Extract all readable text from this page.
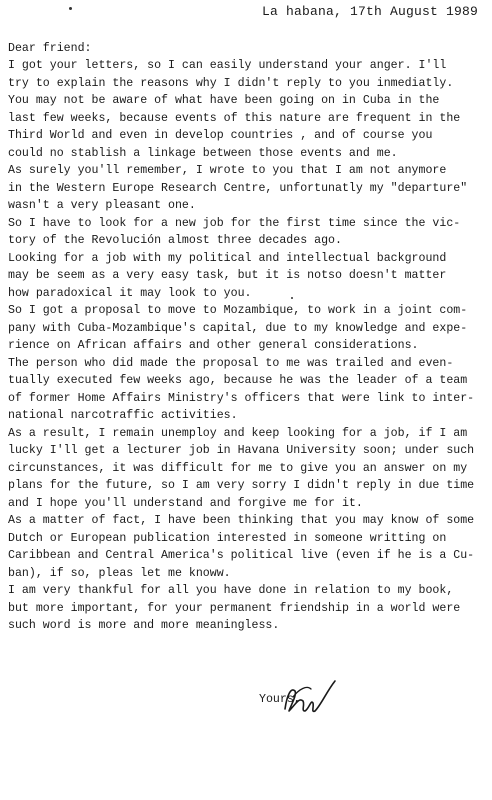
La habana, 17th August 1989
Dear friend:
I got your letters, so I can easily understand your anger. I'll
try to explain the reasons why I didn't reply to you inmediatly.
You may not be aware of what have been going on in Cuba in the
last few weeks, because events of this nature are frequent in the
Third World and even in develop countries , and of course you
could no stablish a linkage between those events and me.
As surely you'll remember, I wrote to you that I am not anymore
in the Western Europe Research Centre, unfortunatly my "departure"
wasn't a very pleasant one.
So I have to look for a new job for the first time since the vic-
tory of the Revolución almost three decades ago.
Looking for a job with my political and intellectual background
may be seem as a very easy task, but it is notso doesn't matter
how paradoxical it may look to you.
So I got a proposal to move to Mozambique, to work in a joint com-
pany with Cuba-Mozambique's capital, due to my knowledge and expe-
rience on African affairs and other general considerations.
The person who did made the proposal to me was trailed and even-
tually executed few weeks ago, because he was the leader of a team
of former Home Affairs Ministry's officers that were link to inter-
national narcotraffic activities.
As a result, I remain unemploy and keep looking for a job, if I am
lucky I'll get a lecturer job in Havana University soon; under such
circunstances, it was difficult for me to give you an answer on my
plans for the future, so I am very sorry I didn't reply in due time
and I hope you'll understand and forgive me for it.
As a matter of fact, I have been thinking that you may know of some
Dutch or European publication interested in someone writting on
Caribbean and Central America's political live (even if he is a Cu-
ban), if so, pleas let me knoww.
I am very thankful for all you have done in relation to my book,
but more important, for your permanent friendship in a world were
such word is more and more meaningless.
Yours,
